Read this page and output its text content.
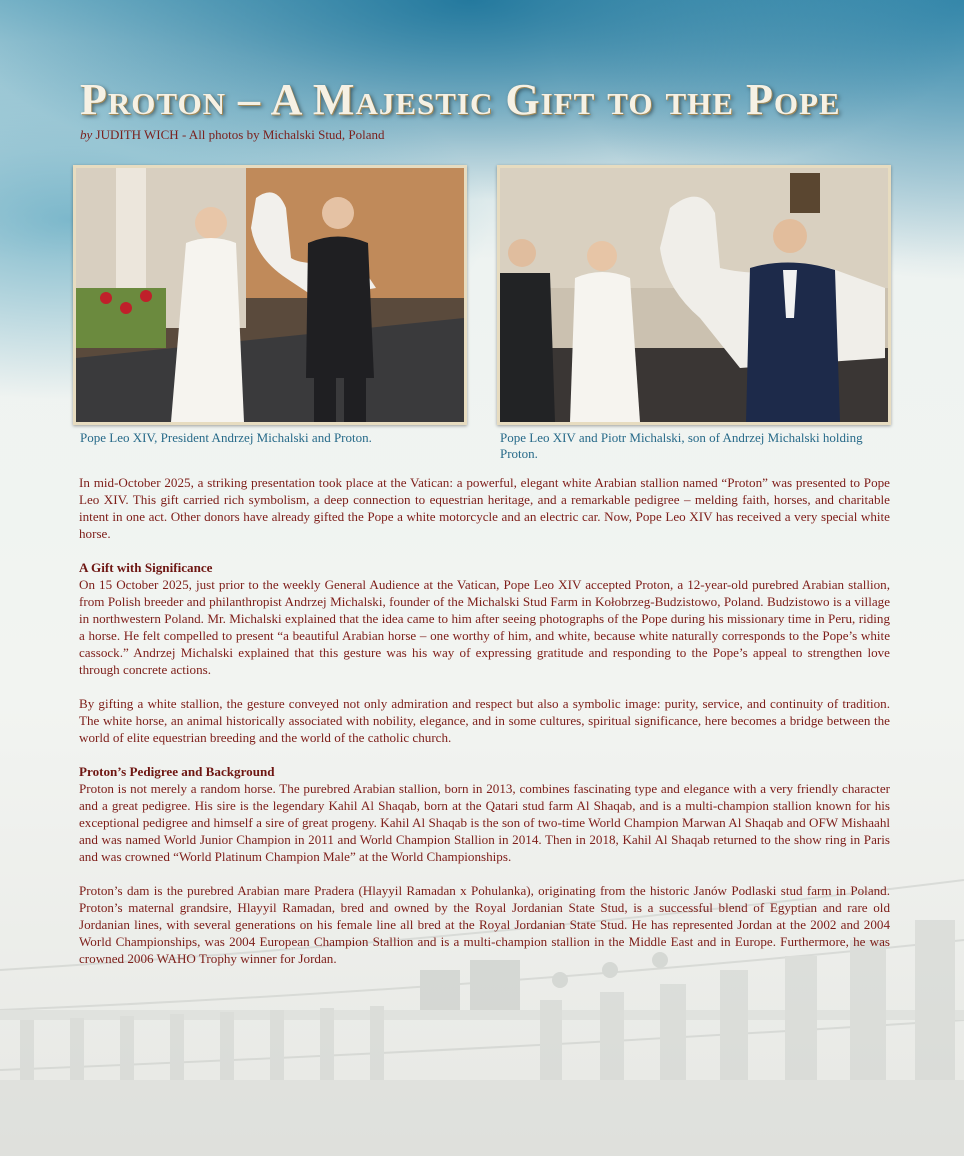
Proton – A Majestic Gift to the Pope

by JUDITH WICH - All photos by Michalski Stud, Poland

Pope Leo XIV, President Andrzej Michalski and Proton.	Pope Leo XIV and Piotr Michalski, son of Andrzej Michalski holding Proton.

In mid-October 2025, a striking presentation took place at the Vatican: a powerful, elegant white Arabian stallion named “Proton” was presented to Pope Leo XIV. This gift carried rich symbolism, a deep connection to equestrian heritage, and a remarkable pedigree – melding faith, horses, and charitable intent in one act. Other donors have already gifted the Pope a white motorcycle and an electric car. Now, Pope Leo XIV has received a very special white horse.

A Gift with Significance

On 15 October 2025, just prior to the weekly General Audience at the Vatican, Pope Leo XIV accepted Proton, a 12-year-old purebred Arabian stallion, from Polish breeder and philanthropist Andrzej Michalski, founder of the Michalski Stud Farm in Kołobrzeg-Budzistowo, Poland. Budzistowo is a village in northwestern Poland. Mr. Michalski explained that the idea came to him after seeing photographs of the Pope during his missionary time in Peru, riding a horse. He felt compelled to present “a beautiful Arabian horse – one worthy of him, and white, because white naturally corresponds to the Pope’s white cassock.” Andrzej Michalski explained that this gesture was his way of expressing gratitude and responding to the Pope’s appeal to strengthen love through concrete actions.

By gifting a white stallion, the gesture conveyed not only admiration and respect but also a symbolic image: purity, service, and continuity of tradition. The white horse, an animal historically associated with nobility, elegance, and in some cultures, spiritual significance, here becomes a bridge between the world of elite equestrian breeding and the world of the catholic church.

Proton’s Pedigree and Background

Proton is not merely a random horse. The purebred Arabian stallion, born in 2013, combines fascinating type and elegance with a very friendly character and a great pedigree. His sire is the legendary Kahil Al Shaqab, born at the Qatari stud farm Al Shaqab, and is a multi-champion stallion known for his exceptional pedigree and himself a sire of great progeny. Kahil Al Shaqab is the son of two-time World Champion Marwan Al Shaqab and OFW Mishaahl and was named World Junior Champion in 2011 and World Champion Stallion in 2014. Then in 2018, Kahil Al Shaqab returned to the show ring in Paris and was crowned “World Platinum Champion Male” at the World Championships.

Proton’s dam is the purebred Arabian mare Pradera (Hlayyil Ramadan x Pohulanka), originating from the historic Janów Podlaski stud farm in Poland. Proton’s maternal grandsire, Hlayyil Ramadan, bred and owned by the Royal Jordanian State Stud, is a successful blend of Egyptian and rare old Jordanian lines, with several generations on his female line all bred at the Royal Jordanian State Stud. He has represented Jordan at the 2002 and 2004 World Championships, was 2004 European Champion Stallion and is a multi-champion stallion in the Middle East and in Europe. Furthermore, he was crowned 2006 WAHO Trophy winner for Jordan.
